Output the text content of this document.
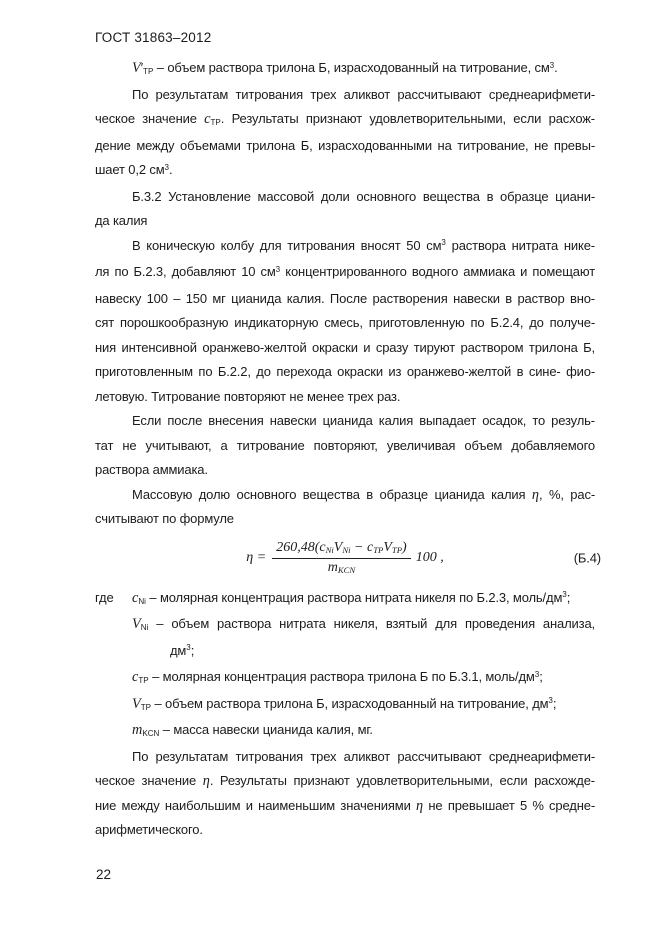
ГОСТ 31863–2012
$V'_{ТР}$ – объем раствора трилона Б, израсходованный на титрование, $см^3$.
По результатам титрования трех аликвот рассчитывают среднеарифмети-
ческое значение $c_{ТР}$. Результаты признают удовлетворительными, если расхож-
дение между объемами трилона Б, израсходованными на титрование, не превы-
шает 0,2 $см^3$.
Б.3.2 Установление массовой доли основного вещества в образце циани-
да калия
В коническую колбу для титрования вносят 50 $см^3$ раствора нитрата нике-
ля по Б.2.3, добавляют 10 $см^3$ концентрированного водного аммиака и помещают
навеску 100 – 150 мг цианида калия. После растворения навески в раствор вно-
сят порошкообразную индикаторную смесь, приготовленную по Б.2.4, до получе-
ния интенсивной оранжево-желтой окраски и сразу тируют раствором трилона Б,
приготовленным по Б.2.2, до перехода окраски из оранжево-желтой в сине- фио-
летовую. Титрование повторяют не менее трех раз.
Если после внесения навески цианида калия выпадает осадок, то резуль-
тат не учитывают, а титрование повторяют, увеличивая объем добавляемого
раствора аммиака.
Массовую долю основного вещества в образце цианида калия η, %, рас-
считывают по формуле
$\eta = \frac{260,48(c_{Ni}V_{Ni} - c_{ТР}V_{ТР})}{m_{KCN}} 100$ ,	(Б.4)
где	$c_{Ni}$ – молярная концентрация раствора нитрата никеля по Б.2.3, моль/$дм^3$;
$V_{Ni}$ – объем раствора нитрата никеля, взятый для проведения анализа,
$дм^3$;
$c_{ТР}$ – молярная концентрация раствора трилона Б по Б.3.1, моль/$дм^3$;
$V_{ТР}$ – объем раствора трилона Б, израсходованный на титрование, $дм^3$;
$m_{KCN}$ – масса навески цианида калия, мг.
По результатам титрования трех аликвот рассчитывают среднеарифмети-
ческое значение η. Результаты признают удовлетворительными, если расхожде-
ние между наибольшим и наименьшим значениями η не превышает 5 % средне-
арифметического.
22
